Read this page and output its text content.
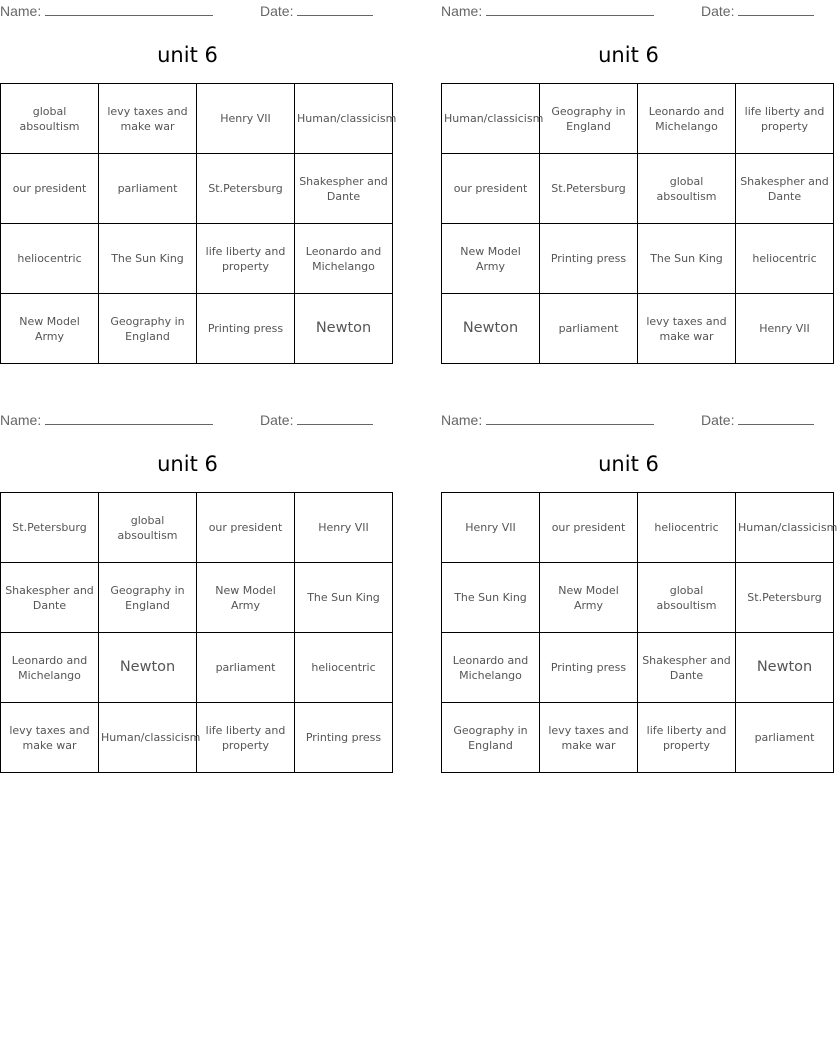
Name:	Date:
unit 6
global absoultism	levy taxes and make war	Henry VII	Human/classicism
our president	parliament	St.Petersburg	Shakespher and Dante
heliocentric	The Sun King	life liberty and property	Leonardo and Michelango
New Model Army	Geography in England	Printing press	Newton
Name:	Date:
unit 6
Human/classicism	Geography in England	Leonardo and Michelango	life liberty and property
our president	St.Petersburg	global absoultism	Shakespher and Dante
New Model Army	Printing press	The Sun King	heliocentric
Newton	parliament	levy taxes and make war	Henry VII
Name:	Date:
unit 6
St.Petersburg	global absoultism	our president	Henry VII
Shakespher and Dante	Geography in England	New Model Army	The Sun King
Leonardo and Michelango	Newton	parliament	heliocentric
levy taxes and make war	Human/classicism	life liberty and property	Printing press
Name:	Date:
unit 6
Henry VII	our president	heliocentric	Human/classicism
The Sun King	New Model Army	global absoultism	St.Petersburg
Leonardo and Michelango	Printing press	Shakespher and Dante	Newton
Geography in England	levy taxes and make war	life liberty and property	parliament
